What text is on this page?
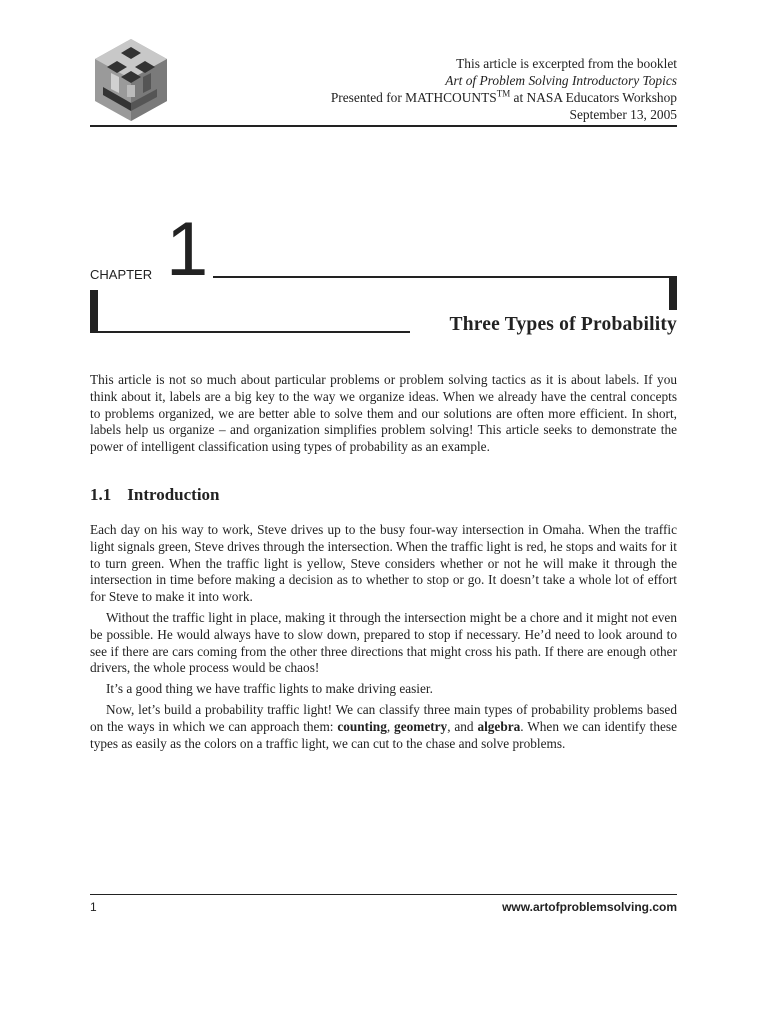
This article is excerpted from the booklet
Art of Problem Solving Introductory Topics
Presented for MATHCOUNTS™ at NASA Educators Workshop
September 13, 2005
CHAPTER 1
Three Types of Probability

This article is not so much about particular problems or problem solving tactics as it is about labels. If you think about it, labels are a big key to the way we organize ideas. When we already have the central concepts to problems organized, we are better able to solve them and our solutions are often more efficient. In short, labels help us organize – and organization simplifies problem solving! This article seeks to demonstrate the power of intelligent classification using types of probability as an example.

1.1 Introduction

Each day on his way to work, Steve drives up to the busy four-way intersection in Omaha. When the traffic light signals green, Steve drives through the intersection. When the traffic light is red, he stops and waits for it to turn green. When the traffic light is yellow, Steve considers whether or not he will make it through the intersection in time before making a decision as to whether to stop or go. It doesn’t take a whole lot of effort for Steve to make it into work.

Without the traffic light in place, making it through the intersection might be a chore and it might not even be possible. He would always have to slow down, prepared to stop if necessary. He’d need to look around to see if there are cars coming from the other three directions that might cross his path. If there are enough other drivers, the whole process would be chaos!

It’s a good thing we have traffic lights to make driving easier.

Now, let’s build a probability traffic light! We can classify three main types of probability problems based on the ways in which we can approach them: counting, geometry, and algebra. When we can identify these types as easily as the colors on a traffic light, we can cut to the chase and solve problems.

1	www.artofproblemsolving.com
